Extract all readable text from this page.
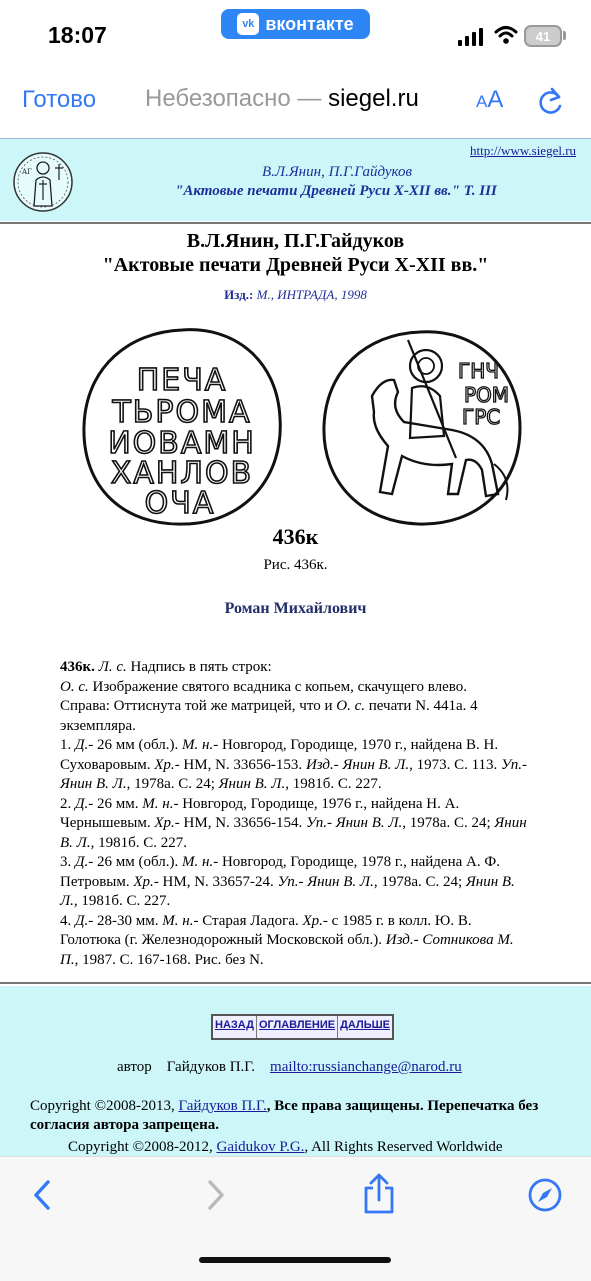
18:07	vk вконтакте
41
Готово Небезопасно — siegel.ru	AA
ΑΓ
http://www.siegel.ru
В.Л.Янин, П.Г.Гайдуков
"Актовые печати Древней Руси X-XII вв." Т. III
В.Л.Янин, П.Г.Гайдуков
"Актовые печати Древней Руси X-XII вв."
Изд.: М., ИНТРАДА, 1998
ПЕЧА
ТЬРОМА
ИОВАМН
ХАНЛОВ
ОЧА
ГНЧ
РОМ
ГРС
436к
Рис. 436к.
Роман Михайлович

436к. Л. с. Надпись в пять строк:

О. с. Изображение святого всадника с копьем, скачущего влево.

Справа: Оттиснута той же матрицей, что и О. с. печати N. 441а. 4 экземпляра.

1. Д.- 26 мм (обл.). М. н.- Новгород, Городище, 1970 г., найдена В. Н. Суховаровым. Хр.- НМ, N. 33656-153. Изд.- Янин В. Л., 1973. С. 113. Уп.- Янин В. Л., 1978а. С. 24; Янин В. Л., 1981б. С. 227.

2. Д.- 26 мм. М. н.- Новгород, Городище, 1976 г., найдена Н. А. Чернышевым. Хр.- НМ, N. 33656-154. Уп.- Янин В. Л., 1978а. С. 24; Янин В. Л., 1981б. С. 227.

3. Д.- 26 мм (обл.). М. н.- Новгород, Городище, 1978 г., найдена А. Ф. Петровым. Хр.- НМ, N. 33657-24. Уп.- Янин В. Л., 1978а. С. 24; Янин В. Л., 1981б. С. 227.

4. Д.- 28-30 мм. М. н.- Старая Ладога. Хр.- с 1985 г. в колл. Ю. В. Голотюка (г. Железнодорожный Московской обл.). Изд.- Сотникова М. П., 1987. С. 167-168. Рис. без N.

НАЗАД ОГЛАВЛЕНИЕ ДАЛЬШЕ
автор Гайдуков П.Г. mailto:russianchange@narod.ru
Copyright ©2008-2013, Гайдуков П.Г., Все права защищены. Перепечатка без согласия автора запрещена.
Copyright ©2008-2012, Gaidukov P.G., All Rights Reserved Worldwide
